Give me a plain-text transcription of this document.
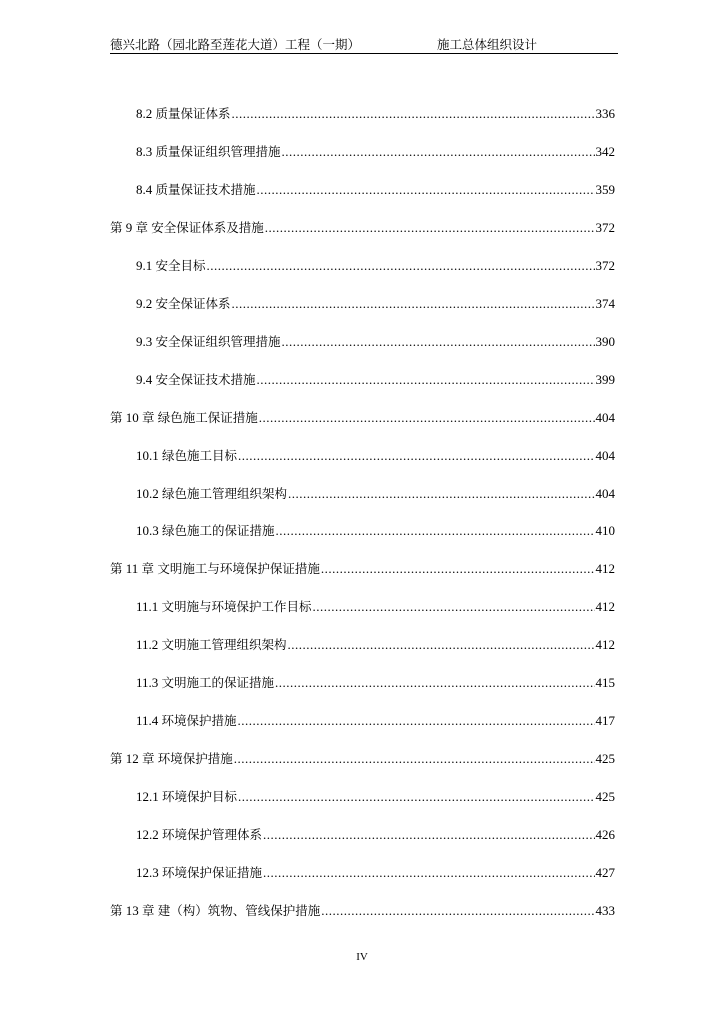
德兴北路（园北路至莲花大道）工程（一期）	施工总体组织设计
8.2 质量保证体系 .....	336
8.3 质量保证组织管理措施 .....	342
8.4 质量保证技术措施 .....	359
第 9 章 安全保证体系及措施 .....	372
9.1 安全目标 .....	372
9.2 安全保证体系 .....	374
9.3 安全保证组织管理措施 .....	390
9.4 安全保证技术措施 .....	399
第 10 章 绿色施工保证措施 .....	404
10.1 绿色施工目标 .....	404
10.2 绿色施工管理组织架构 .....	404
10.3 绿色施工的保证措施 .....	410
第 11 章 文明施工与环境保护保证措施 .....	412
11.1 文明施与环境保护工作目标 .....	412
11.2 文明施工管理组织架构 .....	412
11.3 文明施工的保证措施 .....	415
11.4 环境保护措施 .....	417
第 12 章 环境保护措施 .....	425
12.1 环境保护目标 .....	425
12.2 环境保护管理体系 .....	426
12.3 环境保护保证措施 .....	427
第 13 章 建（构）筑物、管线保护措施 .....	433
IV
